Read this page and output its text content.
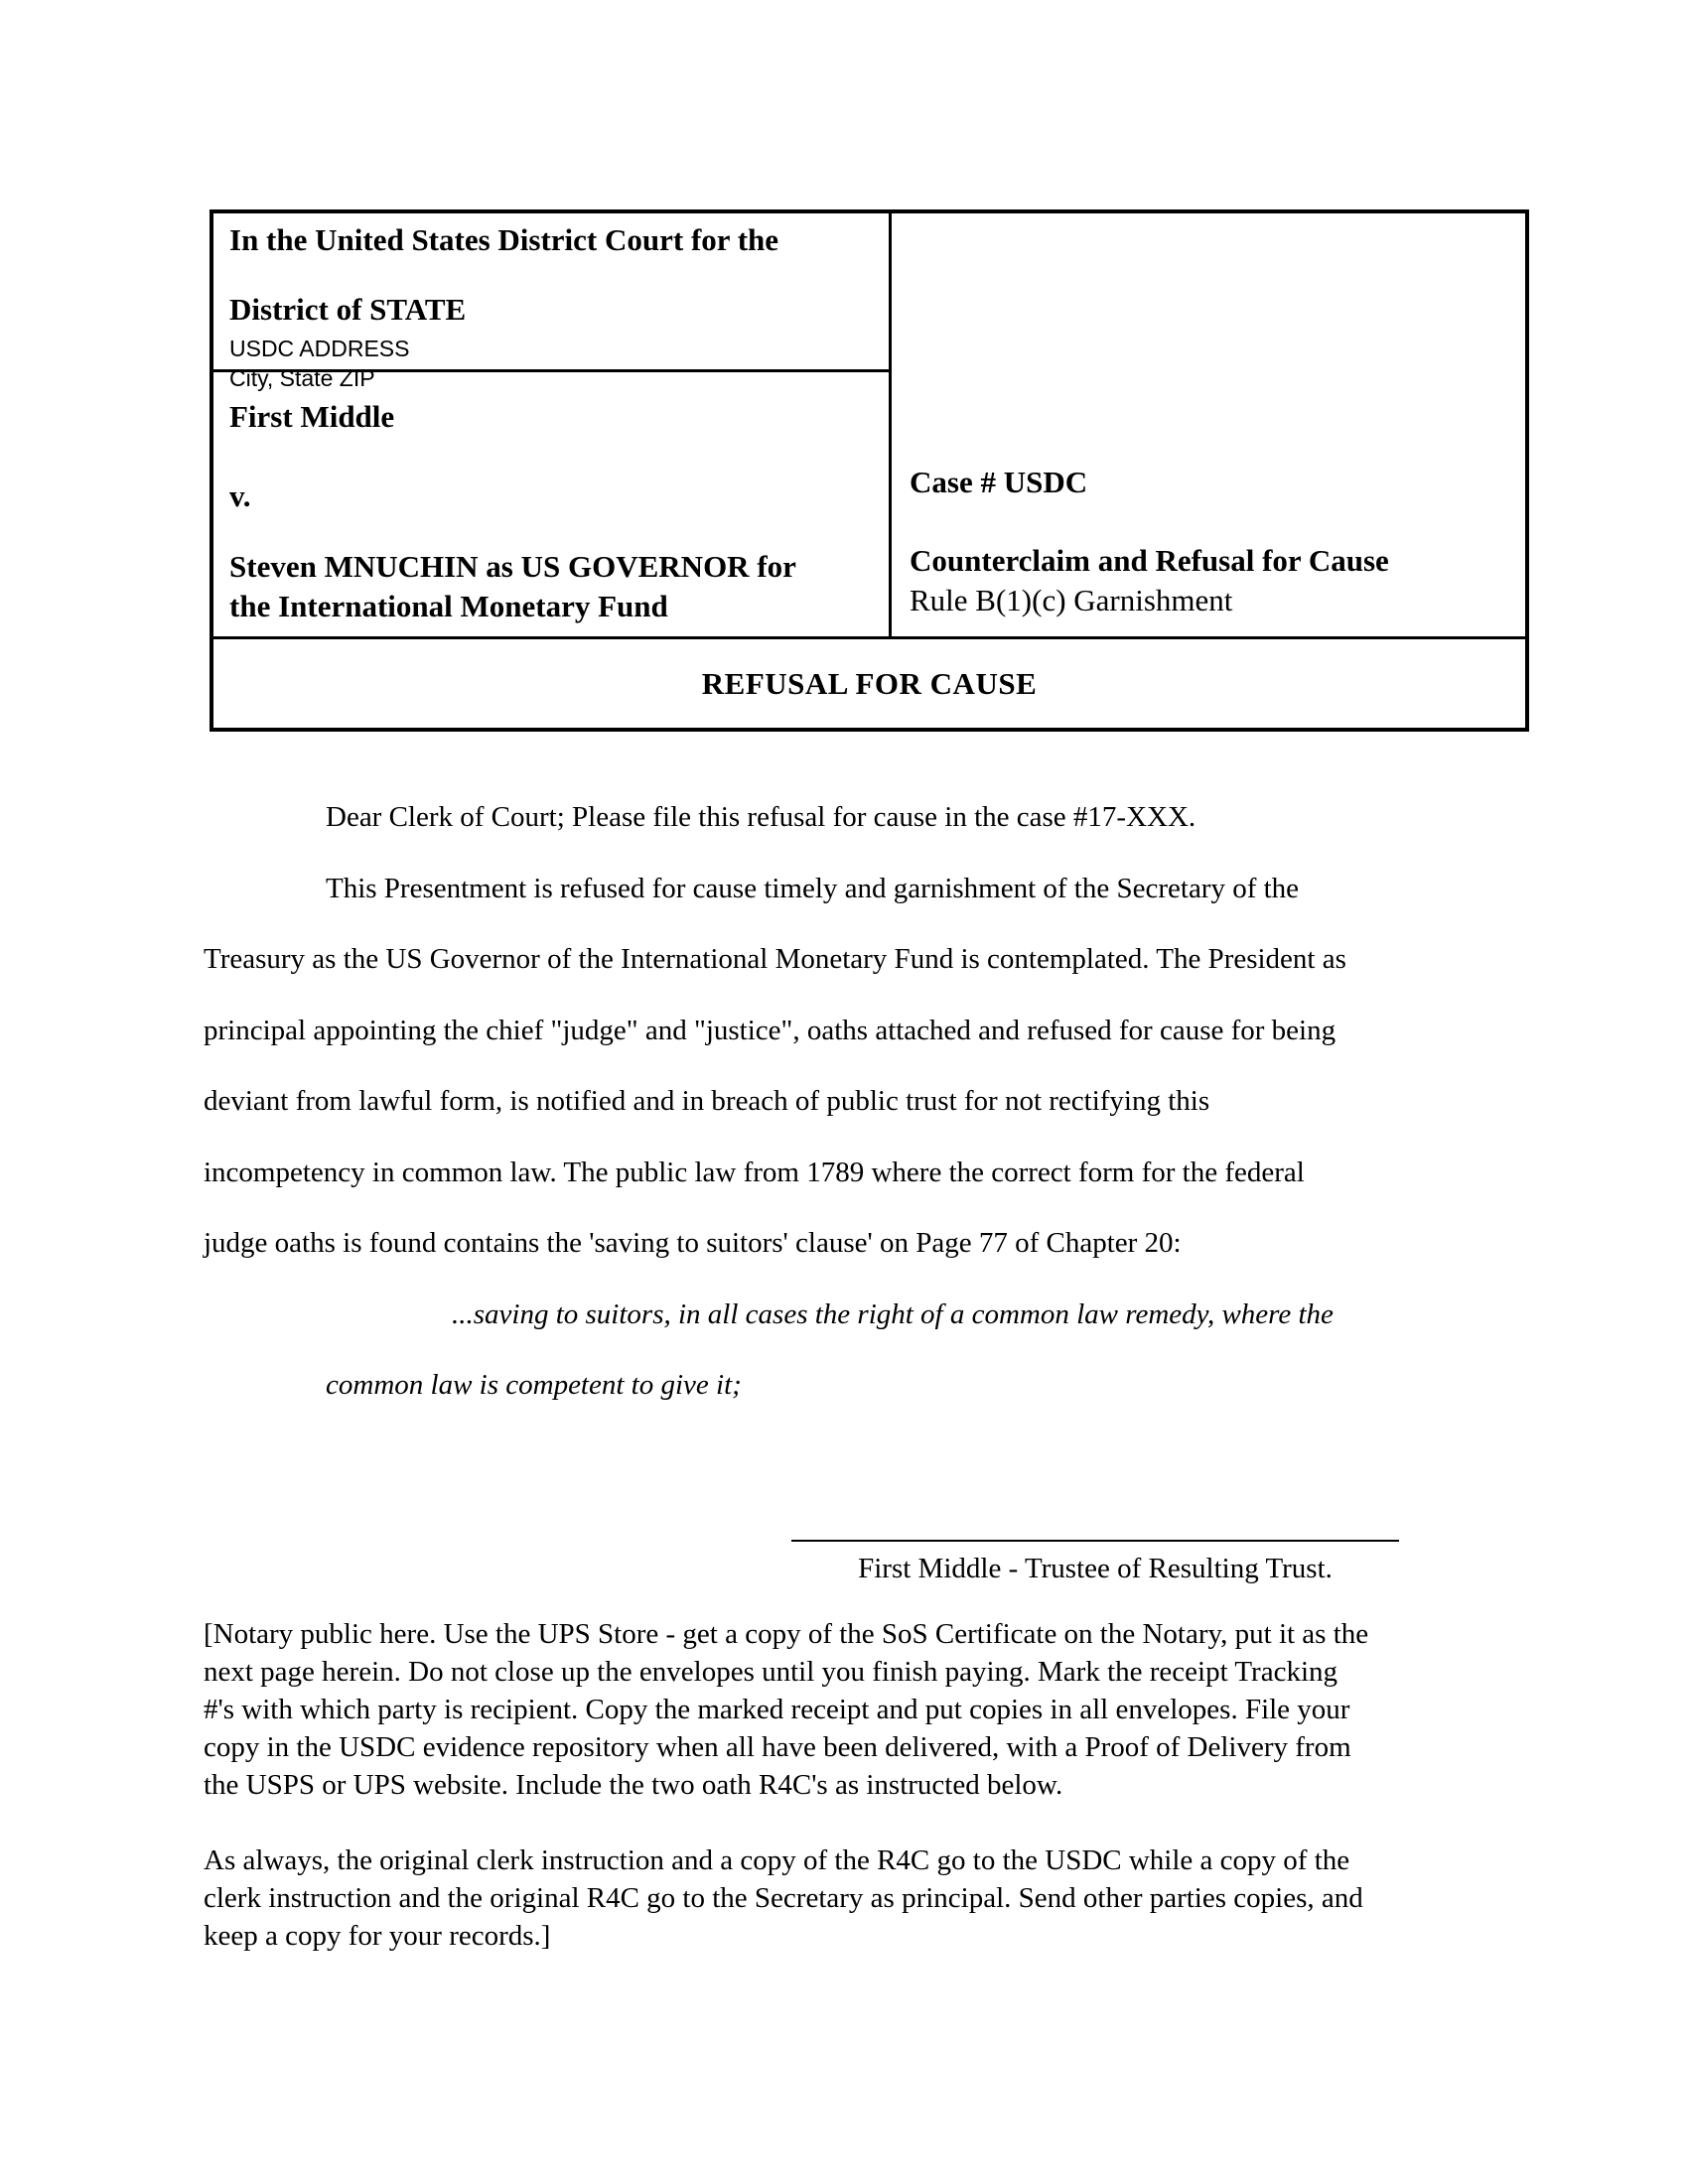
In the United States District Court for the
District of STATE
USDC ADDRESS
City, State ZIP
Case # USDC
Counterclaim and Refusal for Cause
Rule B(1)(c) Garnishment
First Middle
v.
Steven MNUCHIN as US GOVERNOR for
the International Monetary Fund
REFUSAL FOR CAUSE
Dear Clerk of Court; Please file this refusal for cause in the case #17-XXX.
This Presentment is refused for cause timely and garnishment of the Secretary of the
Treasury as the US Governor of the International Monetary Fund is contemplated. The President as
principal appointing the chief "judge" and "justice", oaths attached and refused for cause for being
deviant from lawful form, is notified and in breach of public trust for not rectifying this
incompetency in common law. The public law from 1789 where the correct form for the federal
judge oaths is found contains the 'saving to suitors' clause' on Page 77 of Chapter 20:
...saving to suitors, in all cases the right of a common law remedy, where the
common law is competent to give it;
First Middle - Trustee of Resulting Trust.
[Notary public here. Use the UPS Store - get a copy of the SoS Certificate on the Notary, put it as the
next page herein. Do not close up the envelopes until you finish paying. Mark the receipt Tracking
#'s with which party is recipient. Copy the marked receipt and put copies in all envelopes. File your
copy in the USDC evidence repository when all have been delivered, with a Proof of Delivery from
the USPS or UPS website. Include the two oath R4C's as instructed below.
As always, the original clerk instruction and a copy of the R4C go to the USDC while a copy of the
clerk instruction and the original R4C go to the Secretary as principal. Send other parties copies, and
keep a copy for your records.]
